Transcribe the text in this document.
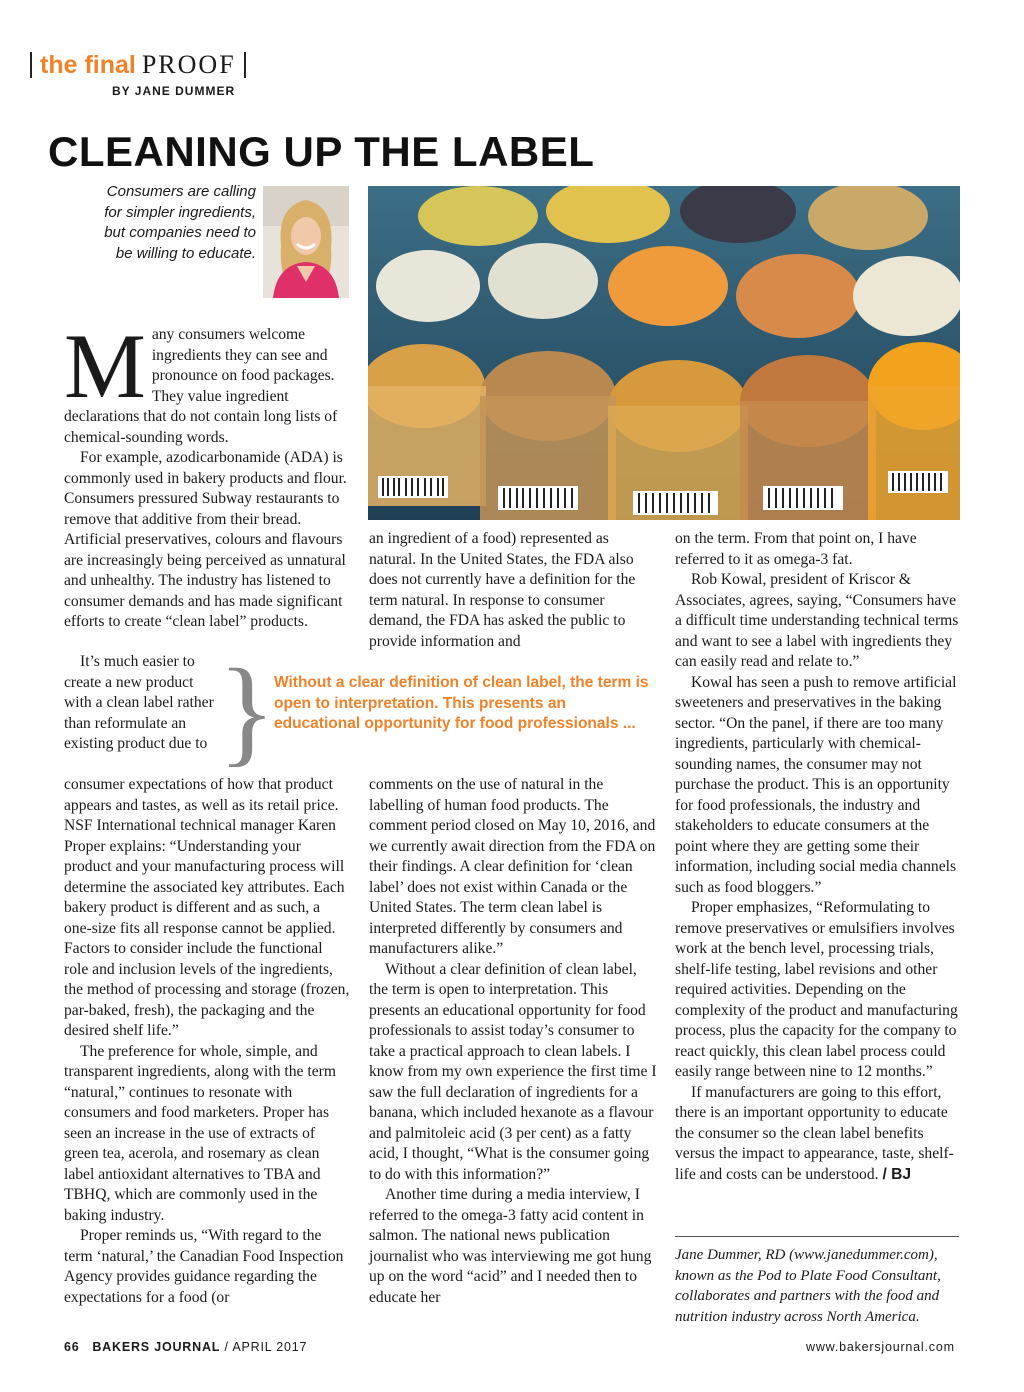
the final PROOF
BY JANE DUMMER
CLEANING UP THE LABEL
Consumers are calling for simpler ingredients, but companies need to be willing to educate.
M any consumers welcome ingredients they can see and pronounce on food packages. They value ingredient declarations that do not contain long lists of chemical-sounding words.

For example, azodicarbonamide (ADA) is commonly used in bakery products and flour. Consumers pressured Subway restaurants to remove that additive from their bread. Artificial preservatives, colours and flavours are increasingly being perceived as unnatural and unhealthy. The industry has listened to consumer demands and has made significant efforts to create “clean label” products.

It’s much easier to create a new product with a clean label rather than reformulate an existing product due to }
Without a clear definition of clean label, the term is open to interpretation. This presents an educational opportunity for food professionals ...

consumer expectations of how that product appears and tastes, as well as its retail price. NSF International technical manager Karen Proper explains: “Understanding your product and your manufacturing process will determine the associated key attributes. Each bakery product is different and as such, a one-size fits all response cannot be applied. Factors to consider include the functional role and inclusion levels of the ingredients, the method of processing and storage (frozen, par-baked, fresh), the packaging and the desired shelf life.”

The preference for whole, simple, and transparent ingredients, along with the term “natural,” continues to resonate with consumers and food marketers. Proper has seen an increase in the use of extracts of green tea, acerola, and rosemary as clean label antioxidant alternatives to TBA and TBHQ, which are commonly used in the baking industry.

Proper reminds us, “With regard to the term ‘natural,’ the Canadian Food Inspection Agency provides guidance regarding the expectations for a food (or

an ingredient of a food) represented as natural. In the United States, the FDA also does not currently have a definition for the term natural. In response to consumer demand, the FDA has asked the public to provide information and

comments on the use of natural in the labelling of human food products. The comment period closed on May 10, 2016, and we currently await direction from the FDA on their findings. A clear definition for ‘clean label’ does not exist within Canada or the United States. The term clean label is interpreted differently by consumers and manufacturers alike.”

Without a clear definition of clean label, the term is open to interpretation. This presents an educational opportunity for food professionals to assist today’s consumer to take a practical approach to clean labels. I know from my own experience the first time I saw the full declaration of ingredients for a banana, which included hexanote as a flavour and palmitoleic acid (3 per cent) as a fatty acid, I thought, “What is the consumer going to do with this information?”

Another time during a media interview, I referred to the omega-3 fatty acid content in salmon. The national news publication journalist who was interviewing me got hung up on the word “acid” and I needed then to educate her

on the term. From that point on, I have referred to it as omega-3 fat.

Rob Kowal, president of Kriscor & Associates, agrees, saying, “Consumers have a difficult time understanding technical terms and want to see a label with ingredients they can easily read and relate to.”

Kowal has seen a push to remove artificial sweeteners and preservatives in the baking sector. “On the panel, if there are too many ingredients, particularly with chemical-sounding names, the consumer may not purchase the product. This is an opportunity for food professionals, the industry and stakeholders to educate consumers at the point where they are getting some their information, including social media channels such as food bloggers.”

Proper emphasizes, “Reformulating to remove preservatives or emulsifiers involves work at the bench level, processing trials, shelf-life testing, label revisions and other required activities. Depending on the complexity of the product and manufacturing process, plus the capacity for the company to react quickly, this clean label process could easily range between nine to 12 months.”

If manufacturers are going to this effort, there is an important opportunity to educate the consumer so the clean label benefits versus the impact to appearance, taste, shelf-life and costs can be understood. / BJ

Jane Dummer, RD (www.janedummer.com), known as the Pod to Plate Food Consultant, collaborates and partners with the food and nutrition industry across North America.
66 BAKERS JOURNAL / APRIL 2017	www.bakersjournal.com
